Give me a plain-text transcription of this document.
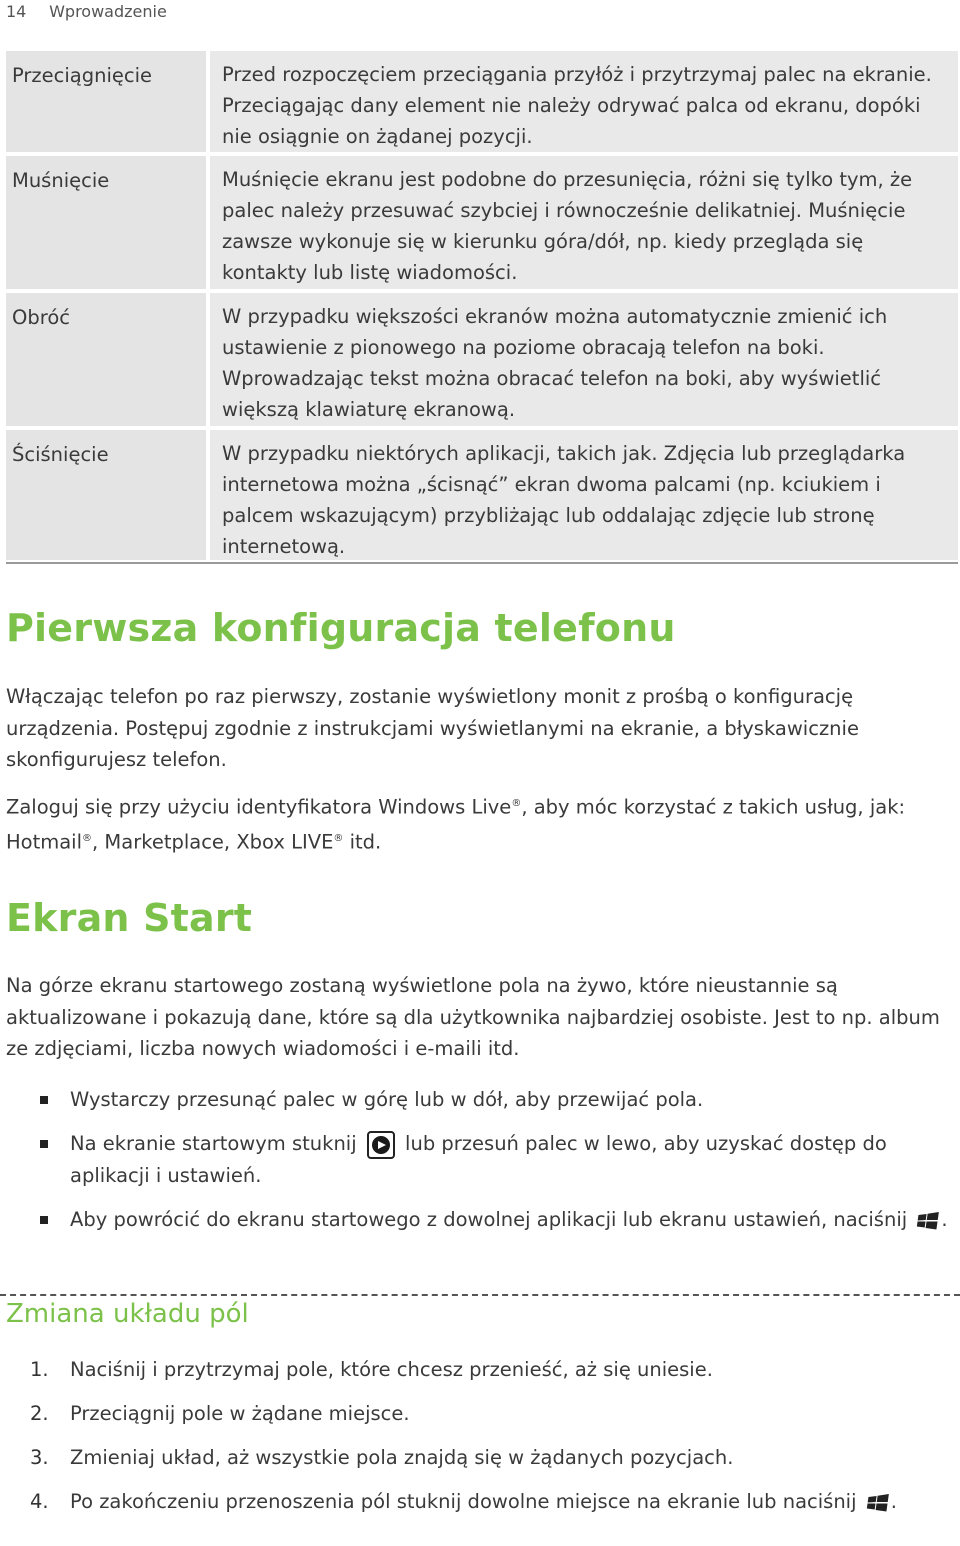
14 Wprowadzenie
Przeciągnięcie	Przed rozpoczęciem przeciągania przyłóż i przytrzymaj palec na ekranie. Przeciągając dany element nie należy odrywać palca od ekranu, dopóki nie osiągnie on żądanej pozycji.
Muśnięcie	Muśnięcie ekranu jest podobne do przesunięcia, różni się tylko tym, że palec należy przesuwać szybciej i równocześnie delikatniej. Muśnięcie zawsze wykonuje się w kierunku góra/dół, np. kiedy przegląda się kontakty lub listę wiadomości.
Obróć	W przypadku większości ekranów można automatycznie zmienić ich ustawienie z pionowego na poziome obracają telefon na boki. Wprowadzając tekst można obracać telefon na boki, aby wyświetlić większą klawiaturę ekranową.
Ściśnięcie	W przypadku niektórych aplikacji, takich jak. Zdjęcia lub przeglądarka internetowa można „ścisnąć” ekran dwoma palcami (np. kciukiem i palcem wskazującym) przybliżając lub oddalając zdjęcie lub stronę internetową.
Pierwsza konfiguracja telefonu
Włączając telefon po raz pierwszy, zostanie wyświetlony monit z prośbą o konfigurację urządzenia. Postępuj zgodnie z instrukcjami wyświetlanymi na ekranie, a błyskawicznie skonfigurujesz telefon.
Zaloguj się przy użyciu identyfikatora Windows Live®, aby móc korzystać z takich usług, jak: Hotmail®, Marketplace, Xbox LIVE® itd.
Ekran Start
Na górze ekranu startowego zostaną wyświetlone pola na żywo, które nieustannie są aktualizowane i pokazują dane, które są dla użytkownika najbardziej osobiste. Jest to np. album ze zdjęciami, liczba nowych wiadomości i e-maili itd.
Wystarczy przesunąć palec w górę lub w dół, aby przewijać pola.
Na ekranie startowym stuknij  lub przesuń palec w lewo, aby uzyskać dostęp do aplikacji i ustawień.
Aby powrócić do ekranu startowego z dowolnej aplikacji lub ekranu ustawień, naciśnij .
Zmiana układu pól
1. Naciśnij i przytrzymaj pole, które chcesz przenieść, aż się uniesie.
2. Przeciągnij pole w żądane miejsce.
3. Zmieniaj układ, aż wszystkie pola znajdą się w żądanych pozycjach.
4. Po zakończeniu przenoszenia pól stuknij dowolne miejsce na ekranie lub naciśnij .
